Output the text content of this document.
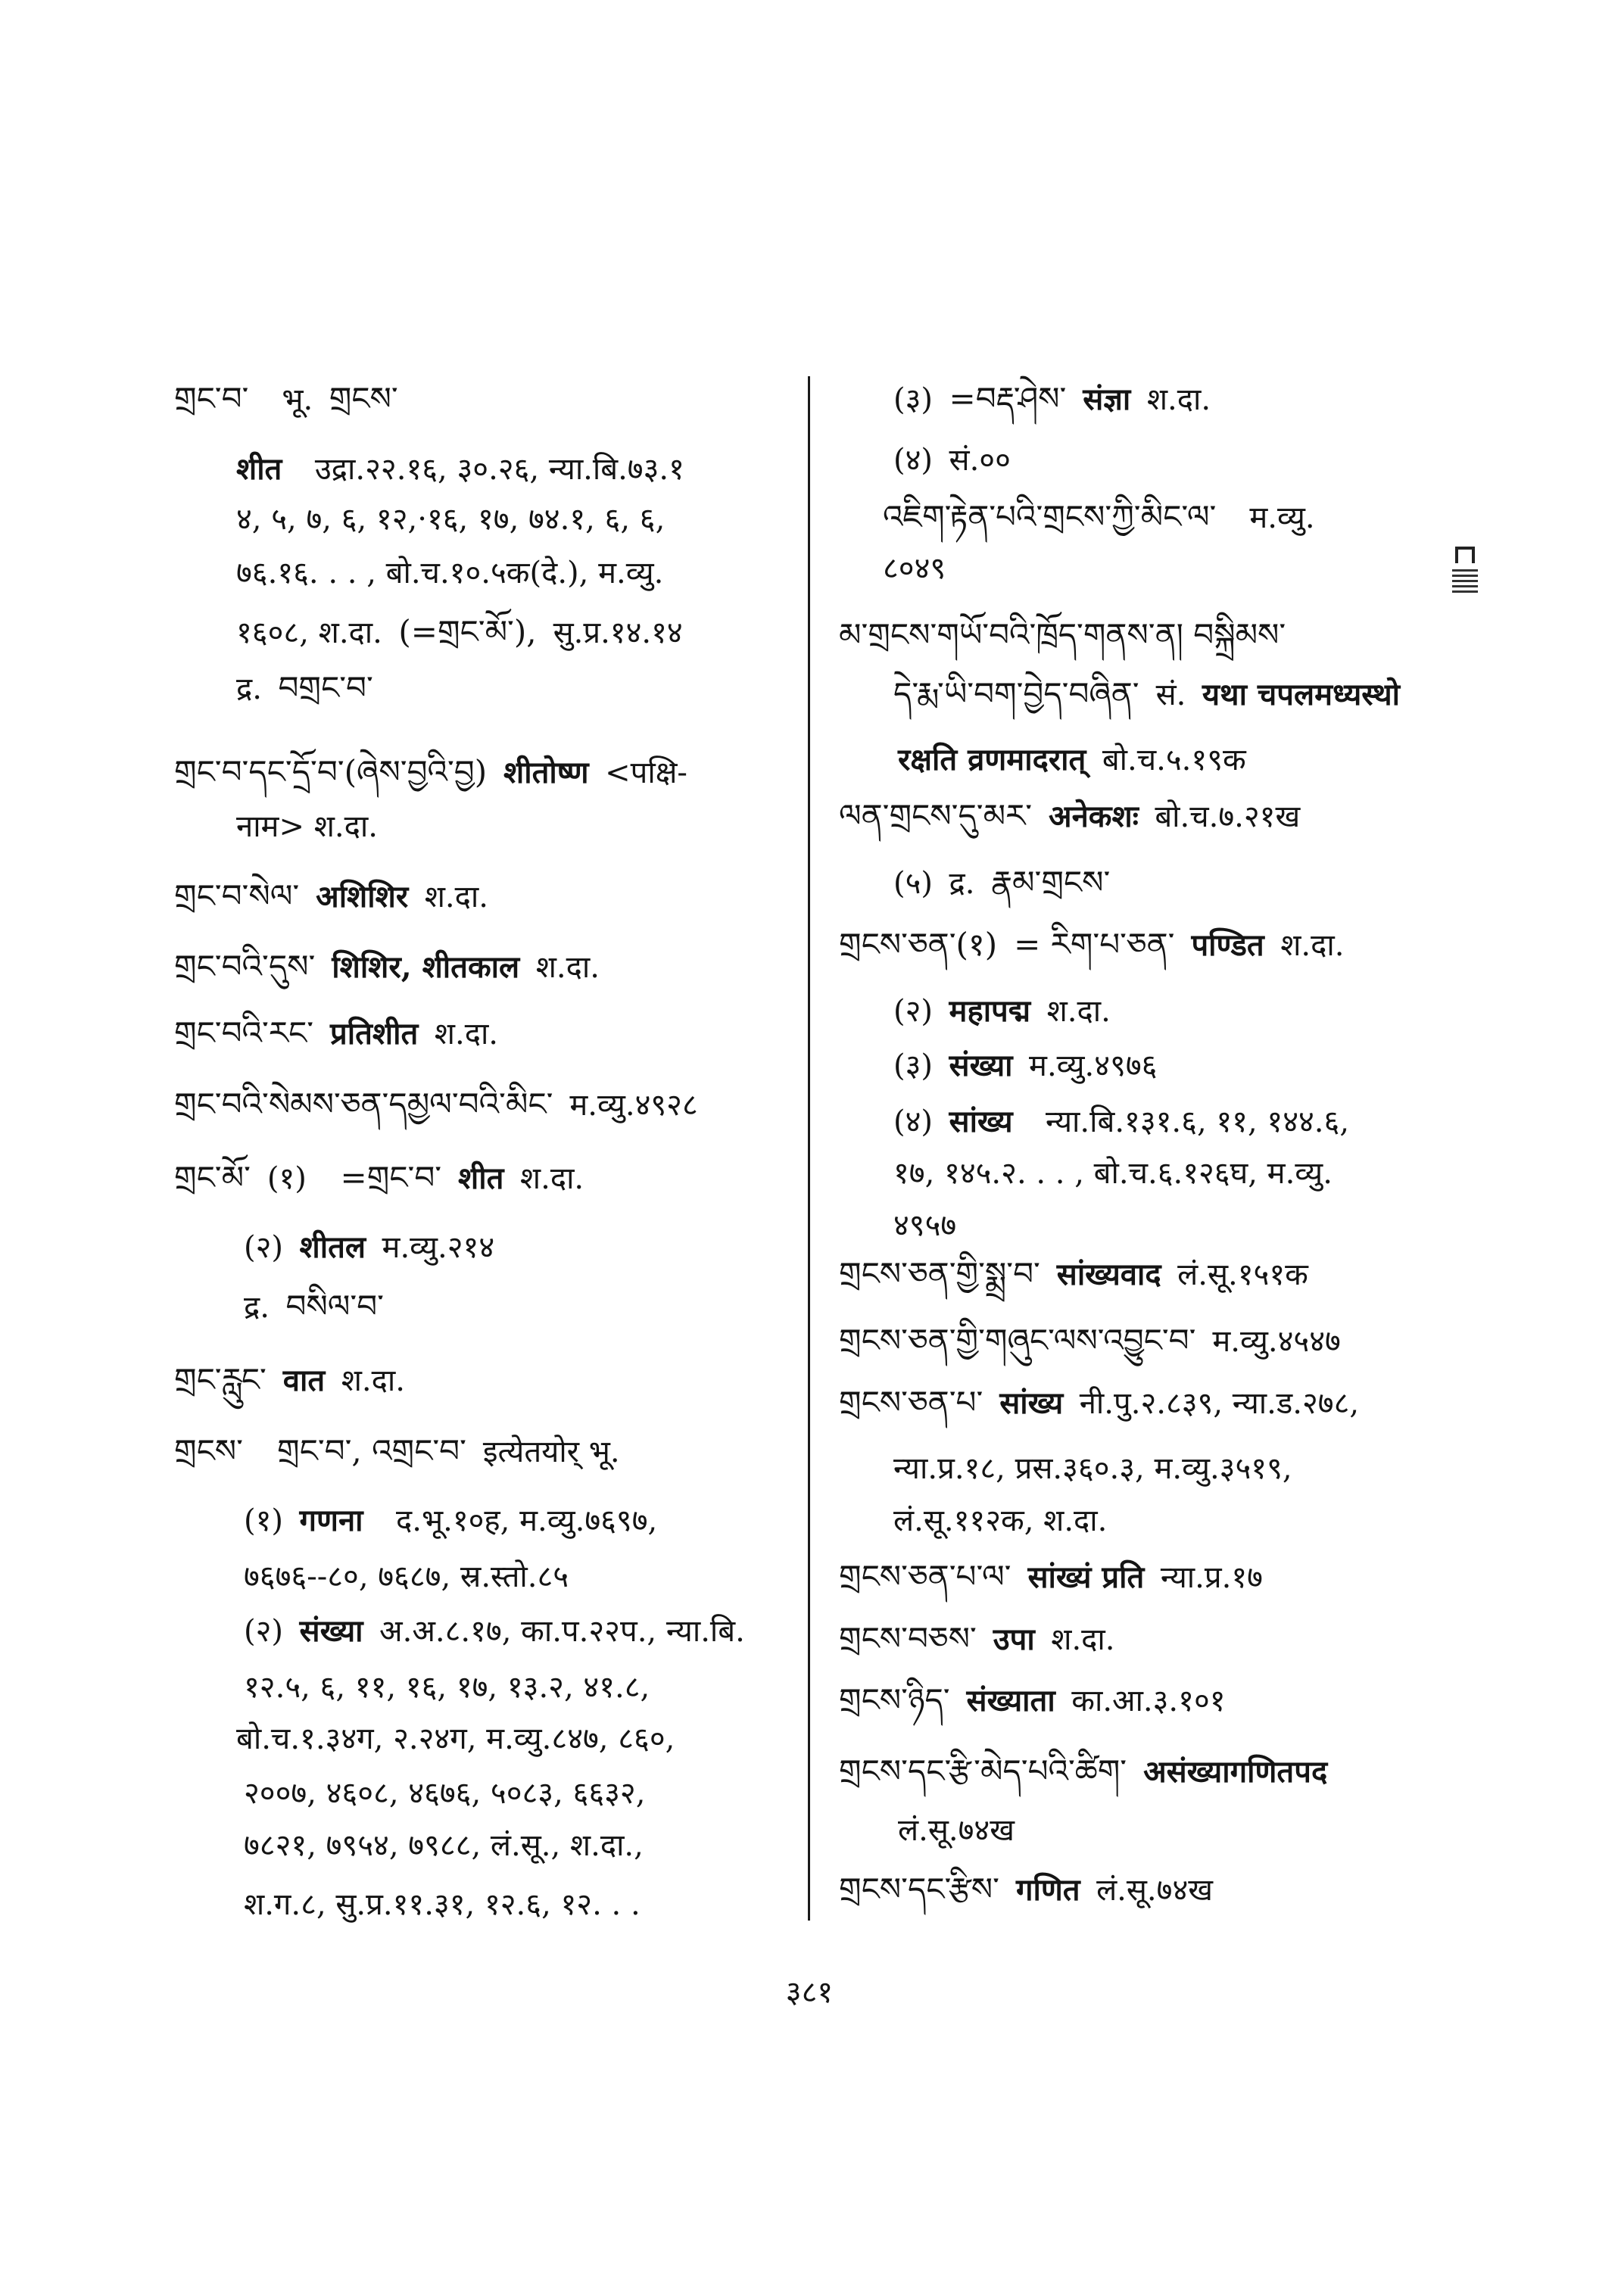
གྲང་བ་ भू. གྲངས་
शीत उद्रा.२२.१६, ३०.२६, न्या.बि.७३.१
४, ५, ७, ६, १२,·१६, १७, ७४.१, ६, ६,
७६.१६. . . , बो.च.१०.५क(दे.), म.व्यु.
१६०८, श.दा. (=གྲང་མོ་), सु.प्र.१४.१४
द्र. བགྲང་བ་
གྲང་བ་དང་དྲོ་བ་(ཞེས་བྱའི་བྱ) शीतोष्ण <पक्षि-
नाम> श.दा.
གྲང་བ་སེལ་ अशिशिर श.दा.
གྲང་བའི་དུས་ शिशिर, शीतकाल श.दा.
གྲང་བའི་རང་ प्रतिशीत श.दा.
གྲང་བའི་སེམས་ཅན་དམྱལ་བའི་མིང་ म.व्यु.४९२८
གྲང་མོ་ (१) =གྲང་བ་ शीत श.दा.
(२) शीतल म.व्यु.२१४
द्र. བསིལ་བ་
གྲང་རླུང་ वात श.दा.
གྲངས་ གྲང་བ་, འགྲང་བ་ इत्येतयोर् भू.
(१) गणना द.भू.१०ह, म.व्यु.७६९७,
७६७६--८०, ७६८७, स्र.स्तो.८५
(२) संख्या अ.अ.८.१७, का.प.२२प., न्या.बि.
१२.५, ६, ११, १६, १७, १३.२, ४१.८,
बो.च.१.३४ग, २.२४ग, म.व्यु.८४७, ८६०,
२००७, ४६०८, ४६७६, ५०८३, ६६३२,
७८२१, ७९५४, ७९८८, लं.सू., श.दा.,
श.ग.८, सु.प्र.११.३१, १२.६, १२. . .
(३) =བརྡ་ཤེས་ संज्ञा श.दा.
(४) सं.००
འཇིག་རྟེན་པའི་གྲངས་ཀྱི་མིང་ལ་ म.व्यु.
८०४९
མ་གྲངས་གཡོ་བའི་ཁྲོད་གནས་ན། བསྐྲིམས་
དེ་རྨ་ཡི་བག་བྱེད་བཞིན་ सं. यथा चपलमध्यस्थो
रक्षति व्रणमादरात् बो.च.५.१९क
ལན་གྲངས་དུ་མར་ अनेकशः बो.च.७.२१ख
(५) द्र. རྣམ་གྲངས་
གྲངས་ཅན་(१) = རིག་པ་ཅན་ पण्डित श.दा.
(२) महापद्म श.दा.
(३) संख्या म.व्यु.४९७६
(४) सांख्य न्या.बि.१३१.६, ११, १४४.६,
१७, १४५.२. . . , बो.च.६.१२६घ, म.व्यु.
४९५७
གྲངས་ཅན་གྱི་སྨྲ་བ་ सांख्यवाद लं.सू.१५१क
གྲངས་ཅན་གྱི་གཞུང་ལས་འབྱུང་བ་ म.व्यु.४५४७
གྲངས་ཅན་པ་ सांख्य नी.पु.२.८३९, न्या.ड.२७८,
न्या.प्र.१८, प्रस.३६०.३, म.व्यु.३५१९,
लं.सू.११२क, श.दा.
གྲངས་ཅན་པ་ལ་ सांख्यं प्रति न्या.प्र.१७
གྲངས་བཅས་ उपा श.दा.
གྲངས་ཉིད་ संख्याता का.आ.३.१०१
གྲངས་དང་རྩི་མེད་པའི་ཚིག་ असंख्यागणितपद
लं.सू.७४ख
གྲངས་དང་རྩིས་ गणित लं.सू.७४ख
३८१
